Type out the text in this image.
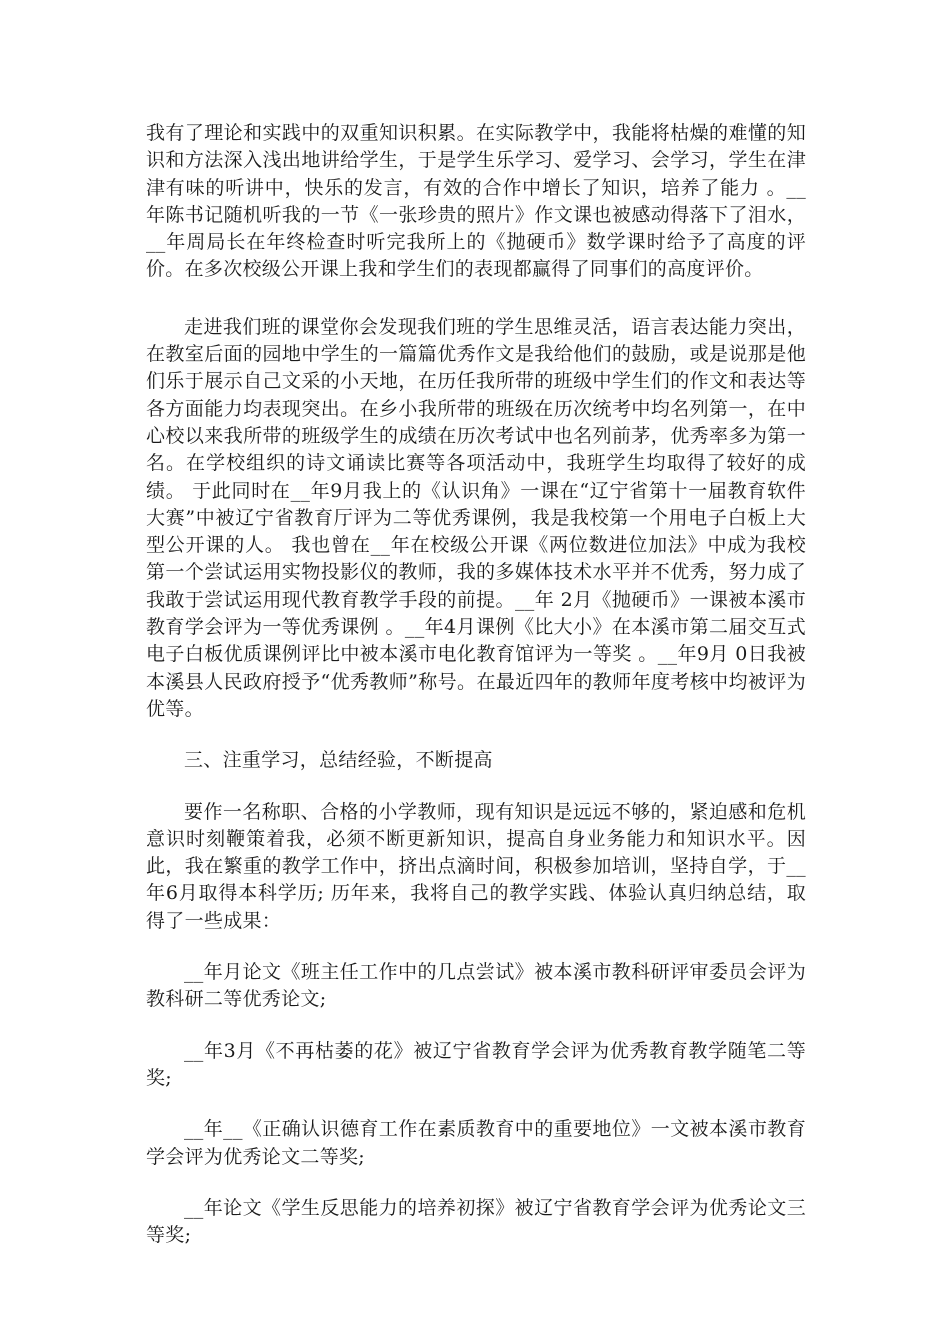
我有了理论和实践中的双重知识积累。在实际教学中，我能将枯燥的难懂的知识和方法深入浅出地讲给学生，于是学生乐学习、爱学习、会学习，学生在津津有味的听讲中，快乐的发言，有效的合作中增长了知识，培养了能力 。__年陈书记随机听我的一节《一张珍贵的照片》作文课也被感动得落下了泪水，__年周局长在年终检查时听完我所上的《抛硬币》数学课时给予了高度的评价。在多次校级公开课上我和学生们的表现都赢得了同事们的高度评价。

走进我们班的课堂你会发现我们班的学生思维灵活，语言表达能力突出，在教室后面的园地中学生的一篇篇优秀作文是我给他们的鼓励，或是说那是他们乐于展示自己文采的小天地，在历任我所带的班级中学生们的作文和表达等各方面能力均表现突出。在乡小我所带的班级在历次统考中均名列第一，在中心校以来我所带的班级学生的成绩在历次考试中也名列前茅，优秀率多为第一名。在学校组织的诗文诵读比赛等各项活动中，我班学生均取得了较好的成绩。 于此同时在__年9月我上的《认识角》一课在“辽宁省第十一届教育软件大赛”中被辽宁省教育厅评为二等优秀课例，我是我校第一个用电子白板上大型公开课的人。 我也曾在__年在校级公开课《两位数进位加法》中成为我校第一个尝试运用实物投影仪的教师，我的多媒体技术水平并不优秀，努力成了我敢于尝试运用现代教育教学手段的前提。__年 2月《抛硬币》一课被本溪市教育学会评为一等优秀课例 。__年4月课例《比大小》在本溪市第二届交互式电子白板优质课例评比中被本溪市电化教育馆评为一等奖 。__年9月 0日我被本溪县人民政府授予“优秀教师”称号。在最近四年的教师年度考核中均被评为优等。

三、注重学习，总结经验，不断提高

要作一名称职、合格的小学教师，现有知识是远远不够的，紧迫感和危机意识时刻鞭策着我，必须不断更新知识，提高自身业务能力和知识水平。因此，我在繁重的教学工作中，挤出点滴时间，积极参加培训，坚持自学，于__年6月取得本科学历; 历年来，我将自己的教学实践、体验认真归纳总结，取得了一些成果：

__年月论文《班主任工作中的几点尝试》被本溪市教科研评审委员会评为教科研二等优秀论文;

__年3月《不再枯萎的花》被辽宁省教育学会评为优秀教育教学随笔二等奖;

__年__《正确认识德育工作在素质教育中的重要地位》一文被本溪市教育学会评为优秀论文二等奖;

__年论文《学生反思能力的培养初探》被辽宁省教育学会评为优秀论文三等奖;
